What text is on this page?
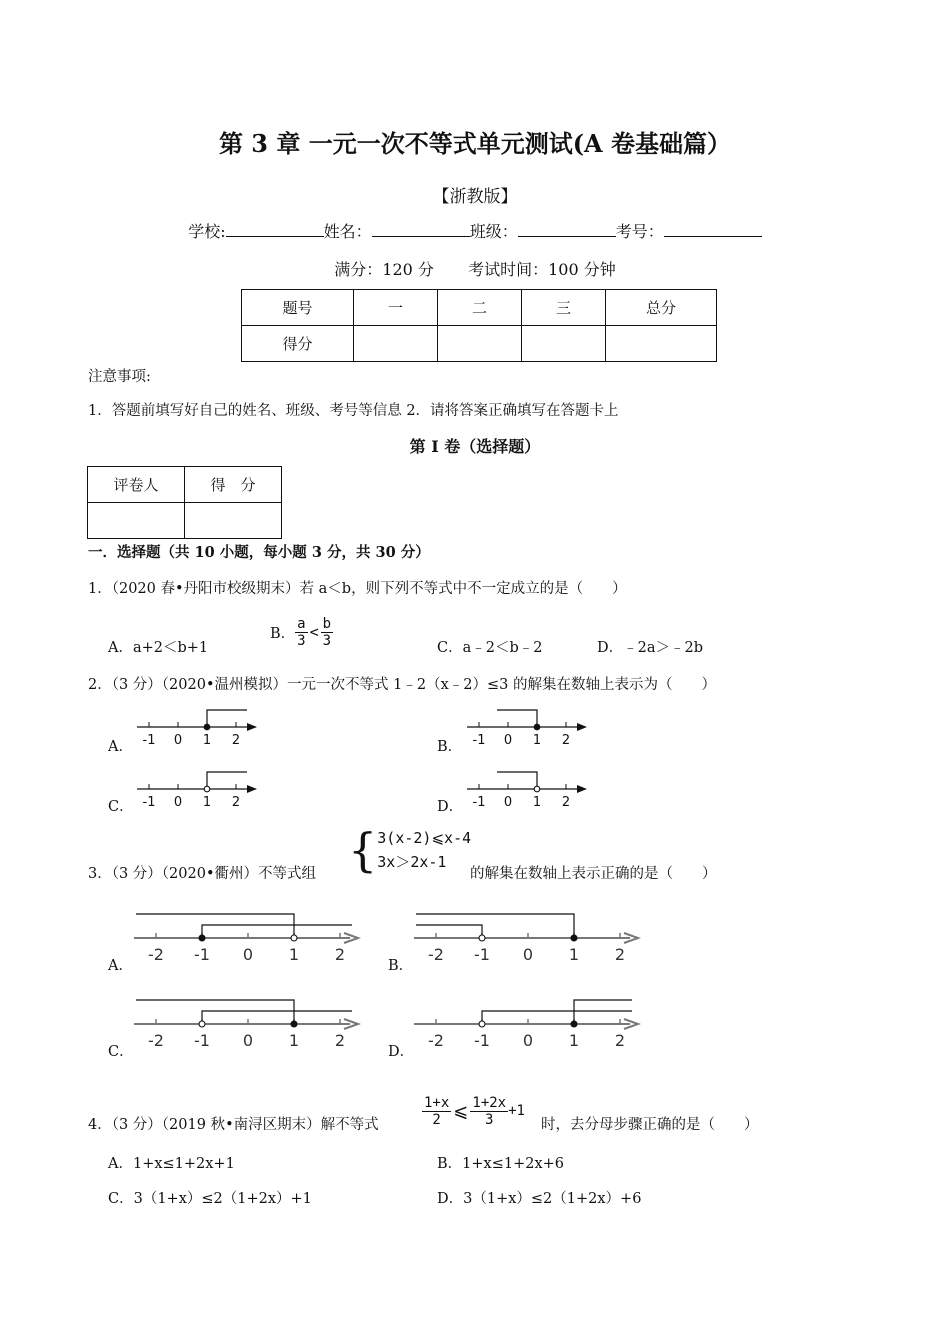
第 3 章 一元一次不等式单元测试(A 卷基础篇）
【浙教版】
学校:	姓名：	班级：	考号：
满分：120 分 考试时间：100 分钟
题号	一	二	三	总分
得分				
注意事项:
1．答题前填写好自己的姓名、班级、考号等信息 2．请将答案正确填写在答题卡上
第 I 卷（选择题）
评卷人	得　分

一．选择题（共 10 小题，每小题 3 分，共 30 分）
1．（2020 春•丹阳市校级期末）若 a＜b，则下列不等式中不一定成立的是（　　）
A．a+2＜b+1
B． $\frac{a}{3} < \frac{b}{3}$	C．a﹣2＜b﹣2	D．﹣2a＞﹣2b
2．（3 分）（2020•温州模拟）一元一次不等式 1﹣2（x﹣2）≤3 的解集在数轴上表示为（　　）
A．	B．
C．	D．
-1 0 1 2	-1 0 1 2
-1 0 1 2	-1 0 1 2
3．（3 分）（2020•衢州）不等式组 { 3(x-2)⩽x-4
3x＞2x-1
的解集在数轴上表示正确的是（　　）
A．	B．
C．	D．
-2 -1 0 1 2	-2 -1 0 1 2
-2 -1 0 1 2	-2 -1 0 1 2
4．（3 分）（2019 秋•南浔区期末）解不等式	$\frac{1+x}{2}$ ⩽ $\frac{1+2x}{3} +1$
时，去分母步骤正确的是（　　）
A．1+x≤1+2x+1	B．1+x≤1+2x+6
C．3（1+x）≤2（1+2x）+1	D．3（1+x）≤2（1+2x）+6
